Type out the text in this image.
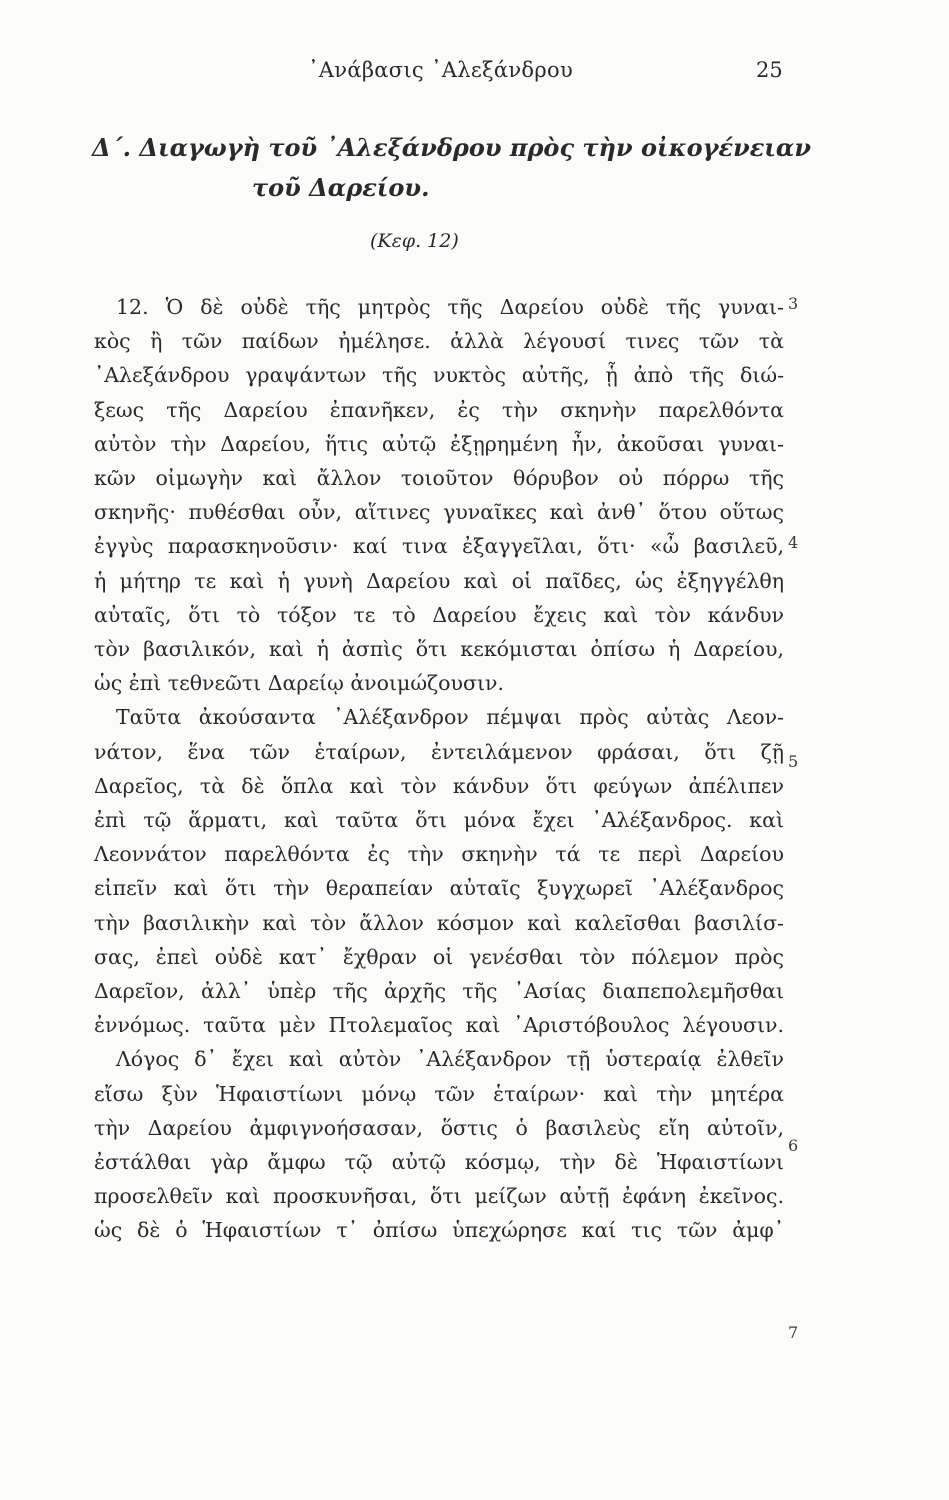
᾿Ανάβασις ᾿Αλεξάνδρου	25
Δ΄. Διαγωγὴ τοῦ ᾿Αλεξάνδρου πρὸς τὴν οἰκογένειαν
τοῦ Δαρείου.
(Κεφ. 12)
12. Ὁ δὲ οὐδὲ τῆς μητρὸς τῆς Δαρείου οὐδὲ τῆς γυναι-
κὸς ἢ τῶν παίδων ἠμέλησε. ἀλλὰ λέγουσί τινες τῶν τὰ
᾿Αλεξάνδρου γραψάντων τῆς νυκτὸς αὐτῆς, ᾗ ἀπὸ τῆς διώ-
ξεως τῆς Δαρείου ἐπανῆκεν, ἐς τὴν σκηνὴν παρελθόντα
αὐτὸν τὴν Δαρείου, ἥτις αὐτῷ ἐξῃρημένη ἦν, ἀκοῦσαι γυναι-
κῶν οἰμωγὴν καὶ ἄλλον τοιοῦτον θόρυβον οὐ πόρρω τῆς
σκηνῆς· πυθέσθαι οὖν, αἵτινες γυναῖκες καὶ ἀνθ᾿ ὅτου οὕτως
ἐγγὺς παρασκηνοῦσιν· καί τινα ἐξαγγεῖλαι, ὅτι· «ὦ βασιλεῦ,
ἡ μήτηρ τε καὶ ἡ γυνὴ Δαρείου καὶ οἱ παῖδες, ὡς ἐξηγγέλθη
αὐταῖς, ὅτι τὸ τόξον τε τὸ Δαρείου ἔχεις καὶ τὸν κάνδυν
τὸν βασιλικόν, καὶ ἡ ἀσπὶς ὅτι κεκόμισται ὀπίσω ἡ Δαρείου,
ὡς ἐπὶ τεθνεῶτι Δαρείῳ ἀνοιμώζουσιν.
Ταῦτα ἀκούσαντα ᾿Αλέξανδρον πέμψαι πρὸς αὐτὰς Λεον-
νάτον, ἕνα τῶν ἑταίρων, ἐντειλάμενον φράσαι, ὅτι ζῇ
Δαρεῖος, τὰ δὲ ὅπλα καὶ τὸν κάνδυν ὅτι φεύγων ἀπέλιπεν
ἐπὶ τῷ ἅρματι, καὶ ταῦτα ὅτι μόνα ἔχει ᾿Αλέξανδρος. καὶ
Λεοννάτον παρελθόντα ἐς τὴν σκηνὴν τά τε περὶ Δαρείου
εἰπεῖν καὶ ὅτι τὴν θεραπείαν αὐταῖς ξυγχωρεῖ ᾿Αλέξανδρος
τὴν βασιλικὴν καὶ τὸν ἄλλον κόσμον καὶ καλεῖσθαι βασιλίσ-
σας, ἐπεὶ οὐδὲ κατ᾿ ἔχθραν οἱ γενέσθαι τὸν πόλεμον πρὸς
Δαρεῖον, ἀλλ᾿ ὑπὲρ τῆς ἀρχῆς τῆς ᾿Ασίας διαπεπολεμῆσθαι
ἐννόμως. ταῦτα μὲν Πτολεμαῖος καὶ ᾿Αριστόβουλος λέγουσιν.
Λόγος δ᾿ ἔχει καὶ αὐτὸν ᾿Αλέξανδρον τῇ ὑστεραίᾳ ἐλθεῖν
εἴσω ξὺν Ἡφαιστίωνι μόνῳ τῶν ἑταίρων· καὶ τὴν μητέρα
τὴν Δαρείου ἀμφιγνοήσασαν, ὅστις ὁ βασιλεὺς εἴη αὐτοῖν,
ἐστάλθαι γὰρ ἄμφω τῷ αὐτῷ κόσμῳ, τὴν δὲ Ἡφαιστίωνι
προσελθεῖν καὶ προσκυνῆσαι, ὅτι μείζων αὐτῇ ἐφάνη ἐκεῖνος.
ὡς δὲ ὁ Ἡφαιστίων τ᾿ ὀπίσω ὑπεχώρησε καί τις τῶν ἀμφ᾿
3
4
5
6
7
